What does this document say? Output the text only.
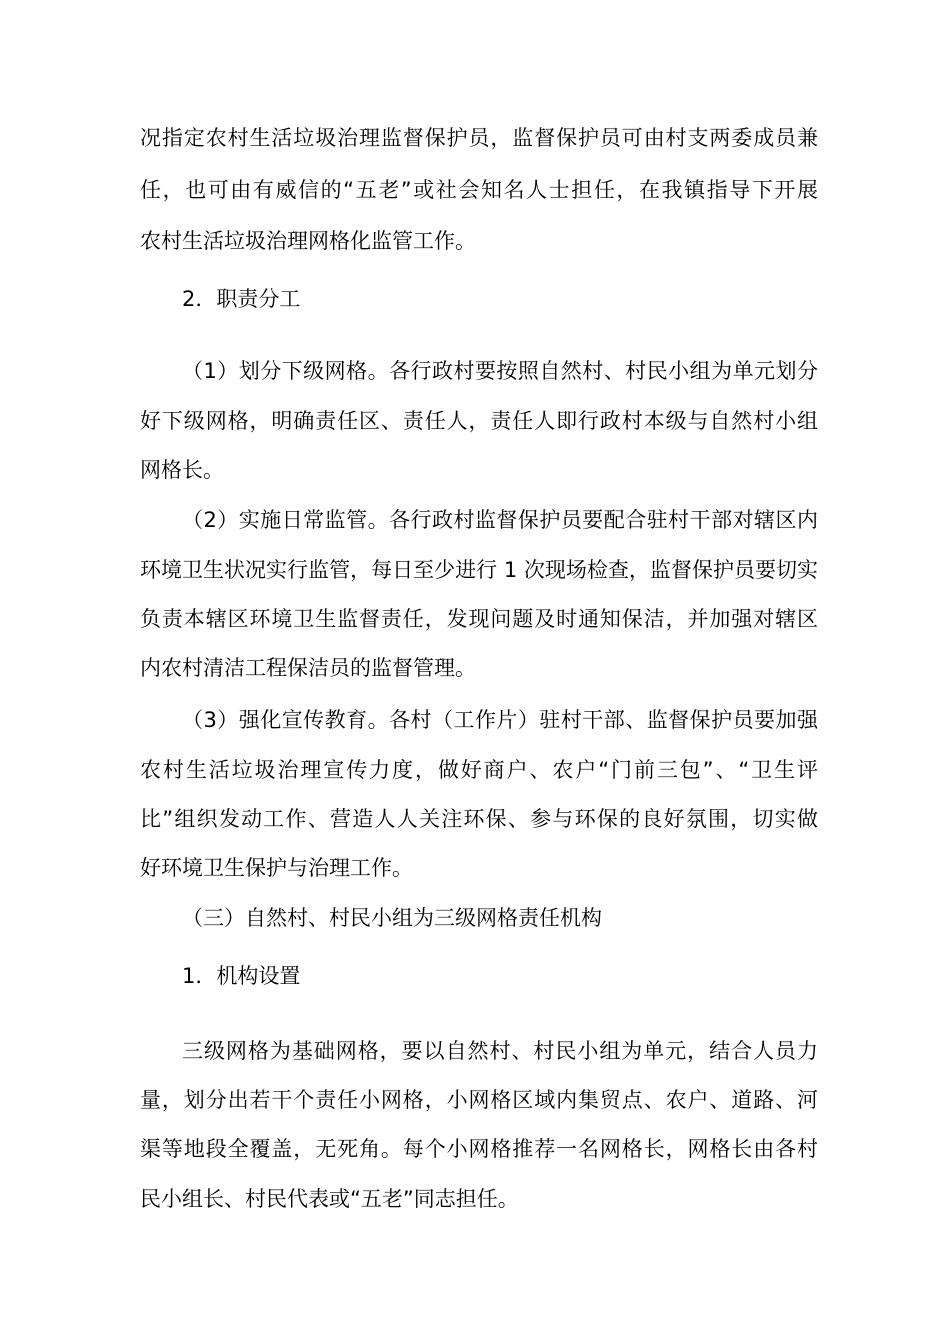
况指定农村生活垃圾治理监督保护员，监督保护员可由村支两委成员兼
任，也可由有威信的“五老”或社会知名人士担任，在我镇指导下开展
农村生活垃圾治理网格化监管工作。
2．职责分工
（1）划分下级网格。各行政村要按照自然村、村民小组为单元划分
好下级网格，明确责任区、责任人，责任人即行政村本级与自然村小组
网格长。
（2）实施日常监管。各行政村监督保护员要配合驻村干部对辖区内
环境卫生状况实行监管，每日至少进行 1 次现场检查，监督保护员要切实
负责本辖区环境卫生监督责任，发现问题及时通知保洁，并加强对辖区
内农村清洁工程保洁员的监督管理。
（3）强化宣传教育。各村（工作片）驻村干部、监督保护员要加强
农村生活垃圾治理宣传力度，做好商户、农户“门前三包”、“卫生评
比”组织发动工作、营造人人关注环保、参与环保的良好氛围，切实做
好环境卫生保护与治理工作。
（三）自然村、村民小组为三级网格责任机构
1．机构设置
三级网格为基础网格，要以自然村、村民小组为单元，结合人员力
量，划分出若干个责任小网格，小网格区域内集贸点、农户、道路、河
渠等地段全覆盖，无死角。每个小网格推荐一名网格长，网格长由各村
民小组长、村民代表或“五老”同志担任。
